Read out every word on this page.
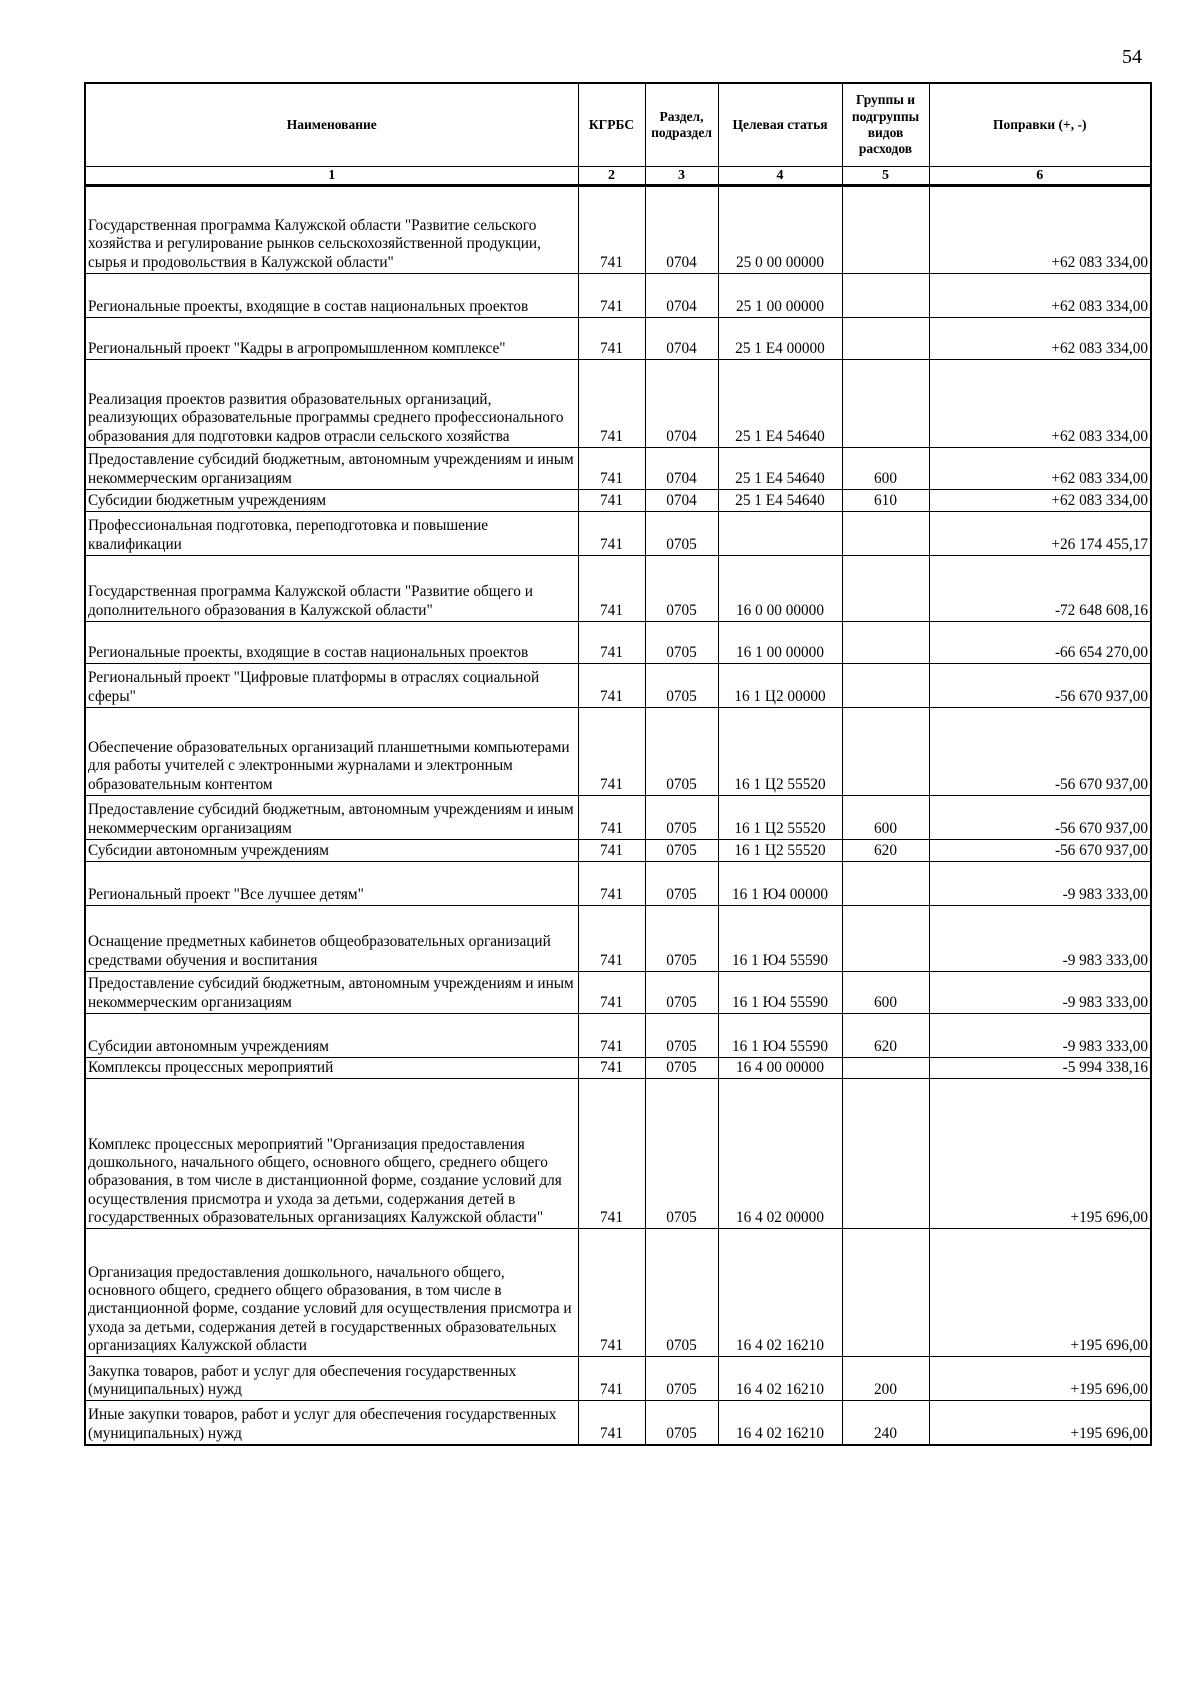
54
Наименование	КГРБС	Раздел, подраздел	Целевая статья	Группы и подгруппы видов расходов	Поправки (+, -)
1	2	3	4	5	6
Государственная программа Калужской области "Развитие сельского хозяйства и регулирование рынков сельскохозяйственной продукции, сырья и продовольствия в Калужской области"	741	0704	25 0 00 00000		+62 083 334,00
Региональные проекты, входящие в состав национальных проектов	741	0704	25 1 00 00000		+62 083 334,00
Региональный проект "Кадры в агропромышленном комплексе"	741	0704	25 1 Е4 00000		+62 083 334,00
Реализация проектов развития образовательных организаций, реализующих образовательные программы среднего профессионального образования для подготовки кадров отрасли сельского хозяйства	741	0704	25 1 Е4 54640		+62 083 334,00
Предоставление субсидий бюджетным, автономным учреждениям и иным некоммерческим организациям	741	0704	25 1 Е4 54640	600	+62 083 334,00
Субсидии бюджетным учреждениям	741	0704	25 1 Е4 54640	610	+62 083 334,00
Профессиональная подготовка, переподготовка и повышение квалификации	741	0705			+26 174 455,17
Государственная программа Калужской области "Развитие общего и дополнительного образования в Калужской области"	741	0705	16 0 00 00000		-72 648 608,16
Региональные проекты, входящие в состав национальных проектов	741	0705	16 1 00 00000		-66 654 270,00
Региональный проект "Цифровые платформы в отраслях социальной сферы"	741	0705	16 1 Ц2 00000		-56 670 937,00
Обеспечение образовательных организаций планшетными компьютерами для работы учителей с электронными журналами и электронным образовательным контентом	741	0705	16 1 Ц2 55520		-56 670 937,00
Предоставление субсидий бюджетным, автономным учреждениям и иным некоммерческим организациям	741	0705	16 1 Ц2 55520	600	-56 670 937,00
Субсидии автономным учреждениям	741	0705	16 1 Ц2 55520	620	-56 670 937,00
Региональный проект "Все лучшее детям"	741	0705	16 1 Ю4 00000		-9 983 333,00
Оснащение предметных кабинетов общеобразовательных организаций средствами обучения и воспитания	741	0705	16 1 Ю4 55590		-9 983 333,00
Предоставление субсидий бюджетным, автономным учреждениям и иным некоммерческим организациям	741	0705	16 1 Ю4 55590	600	-9 983 333,00
Субсидии автономным учреждениям	741	0705	16 1 Ю4 55590	620	-9 983 333,00
Комплексы процессных мероприятий	741	0705	16 4 00 00000		-5 994 338,16
Комплекс процессных мероприятий "Организация предоставления дошкольного, начального общего, основного общего, среднего общего образования, в том числе в дистанционной форме, создание условий для осуществления присмотра и ухода за детьми, содержания детей в государственных образовательных организациях Калужской области"	741	0705	16 4 02 00000		+195 696,00
Организация предоставления дошкольного, начального общего, основного общего, среднего общего образования, в том числе в дистанционной форме, создание условий для осуществления присмотра и ухода за детьми, содержания детей в государственных образовательных организациях Калужской области	741	0705	16 4 02 16210		+195 696,00
Закупка товаров, работ и услуг для обеспечения государственных (муниципальных) нужд	741	0705	16 4 02 16210	200	+195 696,00
Иные закупки товаров, работ и услуг для обеспечения государственных (муниципальных) нужд	741	0705	16 4 02 16210	240	+195 696,00
